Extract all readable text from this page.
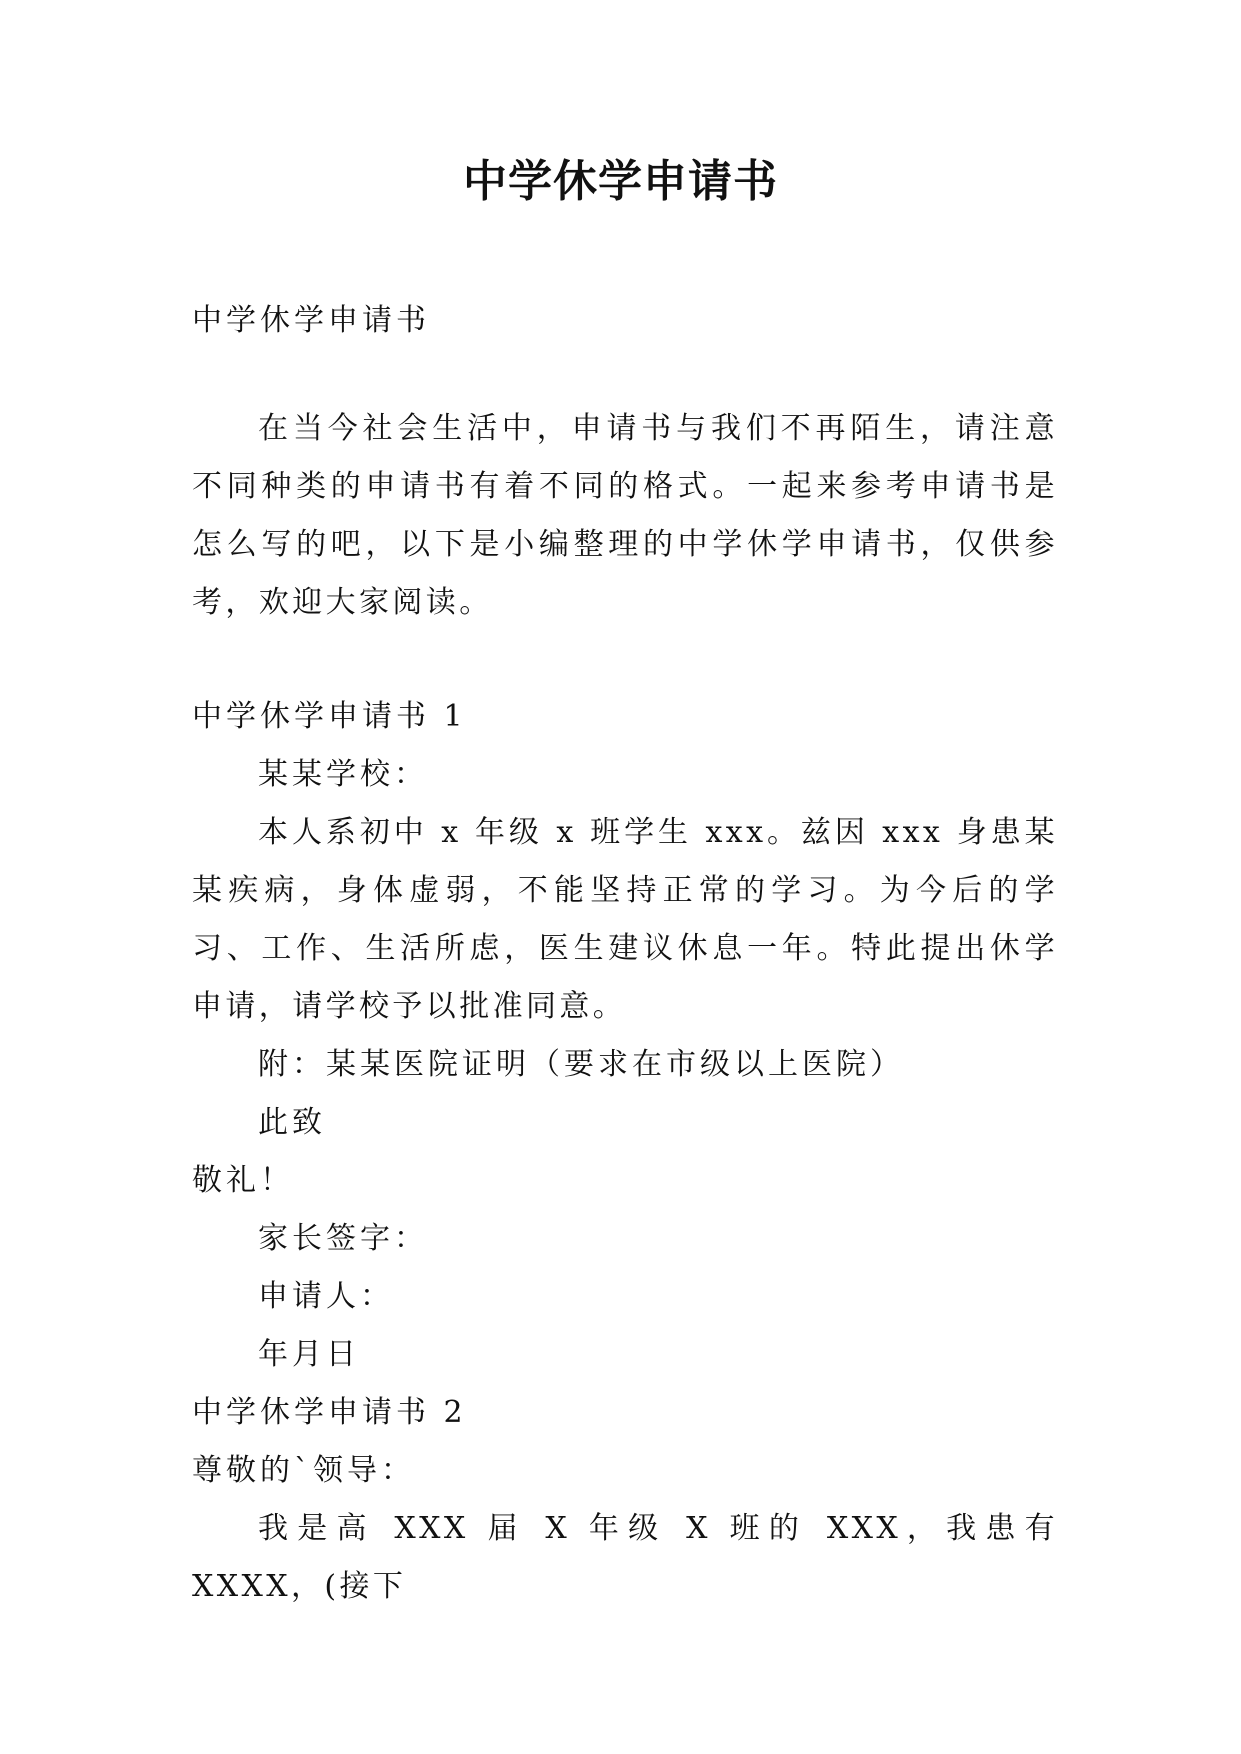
中学休学申请书
中学休学申请书

在当今社会生活中，申请书与我们不再陌生，请注意不同种类的申请书有着不同的格式。一起来参考申请书是怎么写的吧，以下是小编整理的中学休学申请书，仅供参考，欢迎大家阅读。

中学休学申请书 1
某某学校：

本人系初中 x 年级 x 班学生 xxx。兹因 xxx 身患某某疾病，身体虚弱，不能坚持正常的学习。为今后的学习、工作、生活所虑，医生建议休息一年。特此提出休学申请，请学校予以批准同意。

附：某某医院证明（要求在市级以上医院）
此致
敬礼！
家长签字：
申请人：
年月日
中学休学申请书 2
尊敬的`领导：

我是高 XXX 届 X 年级 X 班的 XXX，我患有 XXXX，(接下
